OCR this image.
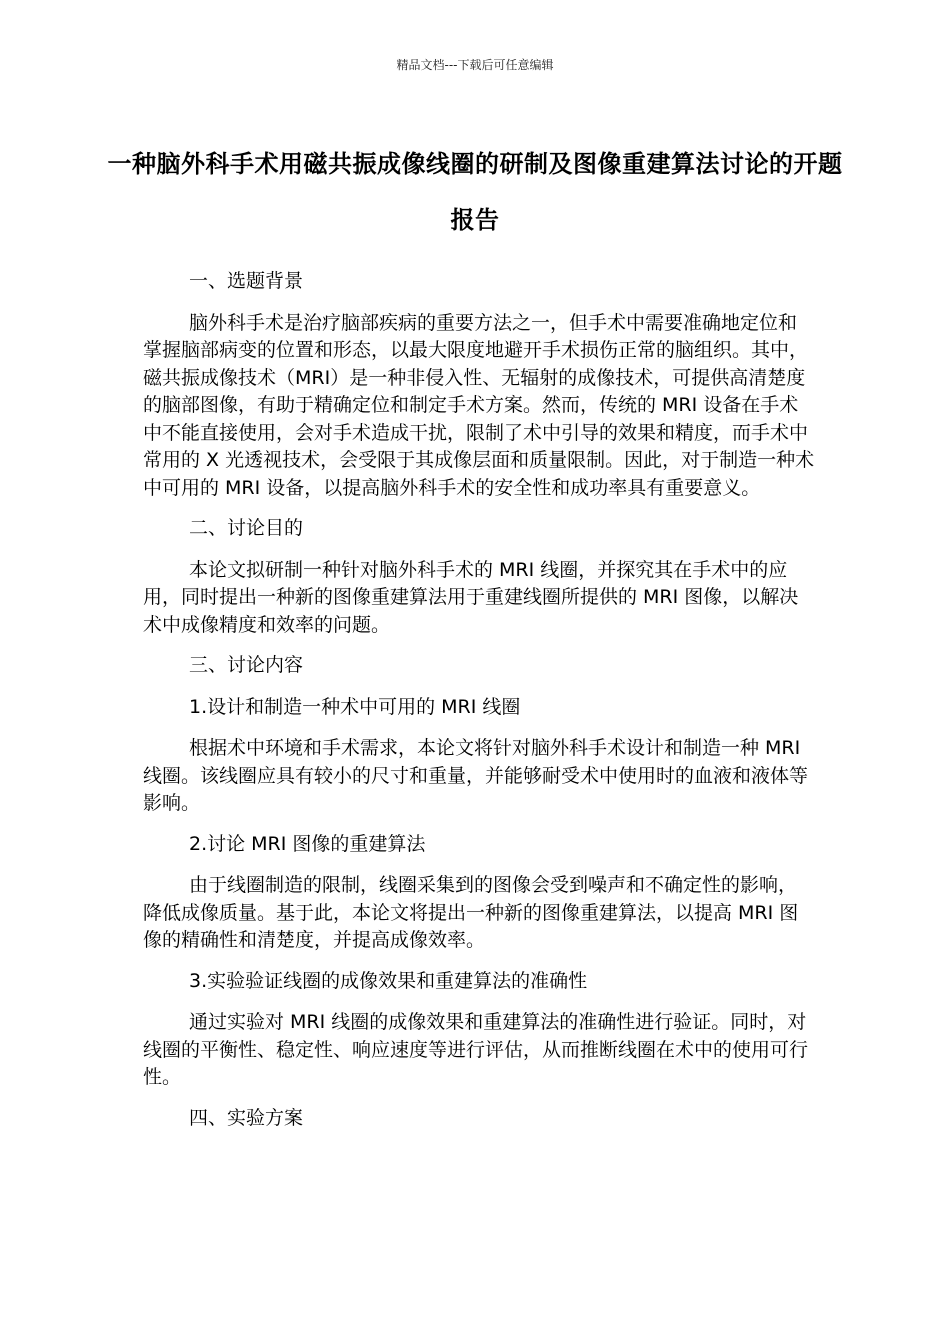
精品文档---下载后可任意编辑
一种脑外科手术用磁共振成像线圈的研制及图像重建算法讨论的开题报告

一、选题背景

脑外科手术是治疗脑部疾病的重要方法之一，但手术中需要准确地定位和掌握脑部病变的位置和形态，以最大限度地避开手术损伤正常的脑组织。其中，磁共振成像技术（MRI）是一种非侵入性、无辐射的成像技术，可提供高清楚度的脑部图像，有助于精确定位和制定手术方案。然而，传统的 MRI 设备在手术中不能直接使用，会对手术造成干扰，限制了术中引导的效果和精度，而手术中常用的 X 光透视技术，会受限于其成像层面和质量限制。因此，对于制造一种术中可用的 MRI 设备，以提高脑外科手术的安全性和成功率具有重要意义。

二、讨论目的

本论文拟研制一种针对脑外科手术的 MRI 线圈，并探究其在手术中的应用，同时提出一种新的图像重建算法用于重建线圈所提供的 MRI 图像，以解决术中成像精度和效率的问题。

三、讨论内容

1.设计和制造一种术中可用的 MRI 线圈

根据术中环境和手术需求，本论文将针对脑外科手术设计和制造一种 MRI 线圈。该线圈应具有较小的尺寸和重量，并能够耐受术中使用时的血液和液体等影响。

2.讨论 MRI 图像的重建算法

由于线圈制造的限制，线圈采集到的图像会受到噪声和不确定性的影响，降低成像质量。基于此，本论文将提出一种新的图像重建算法，以提高 MRI 图像的精确性和清楚度，并提高成像效率。

3.实验验证线圈的成像效果和重建算法的准确性

通过实验对 MRI 线圈的成像效果和重建算法的准确性进行验证。同时，对线圈的平衡性、稳定性、响应速度等进行评估，从而推断线圈在术中的使用可行性。

四、实验方案
